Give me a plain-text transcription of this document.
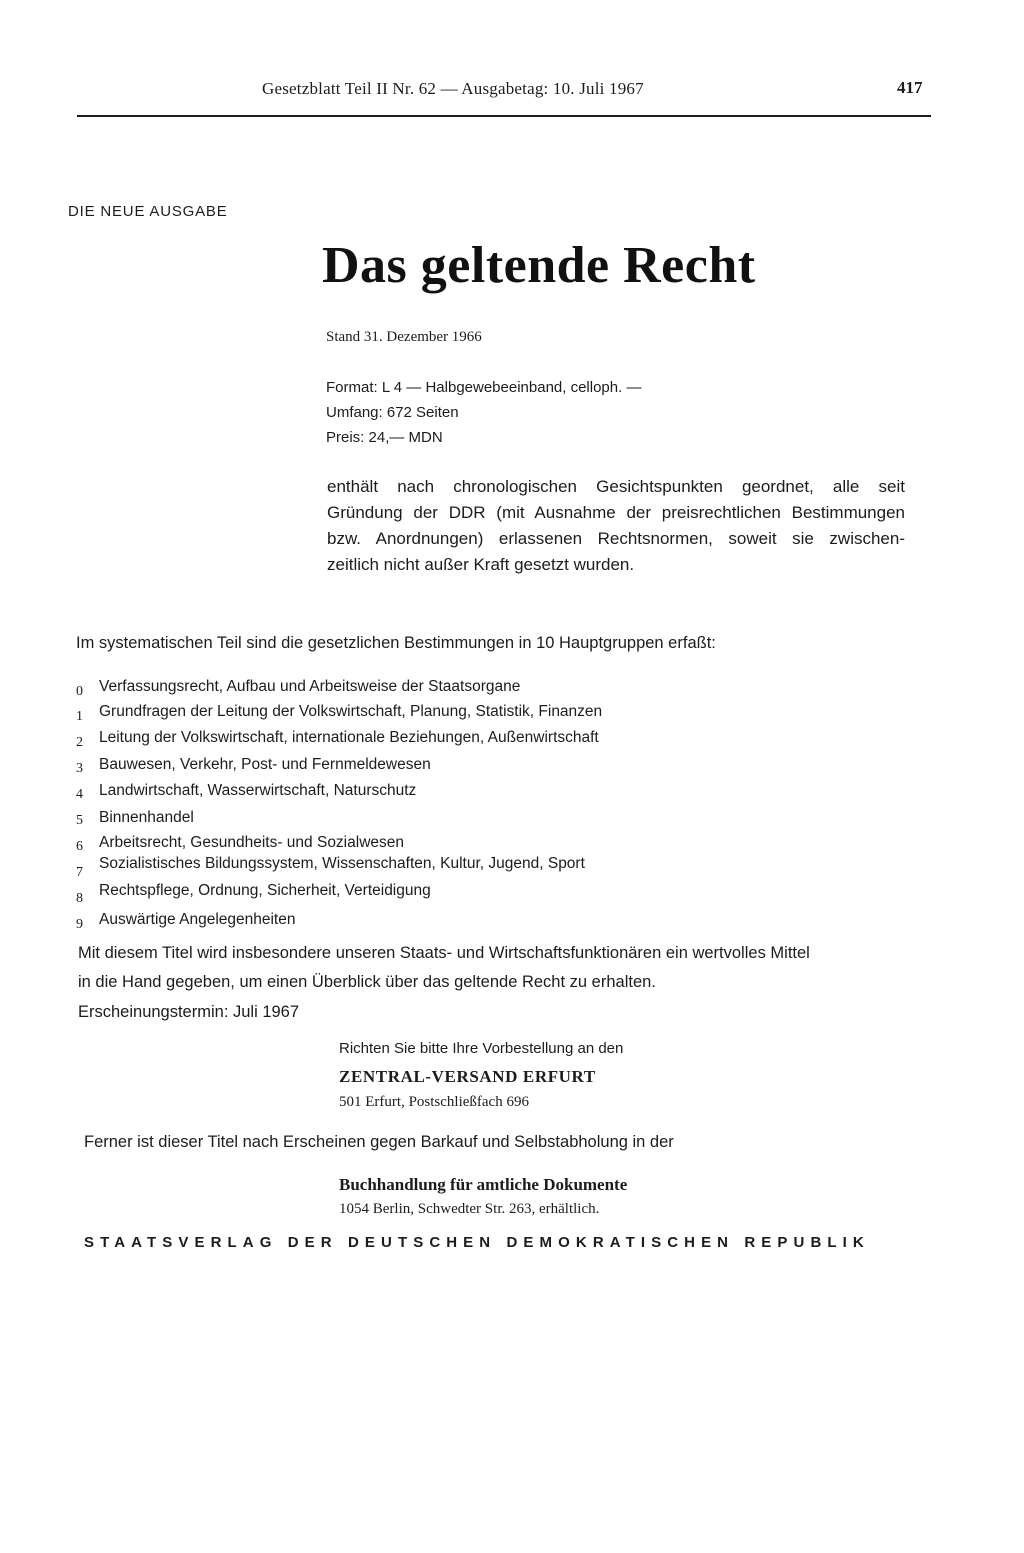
Gesetzblatt Teil II Nr. 62 — Ausgabetag: 10. Juli 1967	417
DIE NEUE AUSGABE
Das geltende Recht
Stand 31. Dezember 1966
Format: L 4 — Halbgewebeeinband, celloph. —
Umfang: 672 Seiten
Preis: 24,— MDN
enthält nach chronologischen Gesichtspunkten geordnet, alle seit
Gründung der DDR (mit Ausnahme der preisrechtlichen Bestimmungen
bzw. Anordnungen) erlassenen Rechtsnormen, soweit sie zwischen-
zeitlich nicht außer Kraft gesetzt wurden.
Im systematischen Teil sind die gesetzlichen Bestimmungen in 10 Hauptgruppen erfaßt:
0 Verfassungsrecht, Aufbau und Arbeitsweise der Staatsorgane
1 Grundfragen der Leitung der Volkswirtschaft, Planung, Statistik, Finanzen
2 Leitung der Volkswirtschaft, internationale Beziehungen, Außenwirtschaft
3 Bauwesen, Verkehr, Post- und Fernmeldewesen
4 Landwirtschaft, Wasserwirtschaft, Naturschutz
5 Binnenhandel
6 Arbeitsrecht, Gesundheits- und Sozialwesen
7
Sozialistisches Bildungssystem, Wissenschaften, Kultur, Jugend, Sport
8 Rechtspflege, Ordnung, Sicherheit, Verteidigung
9 Auswärtige Angelegenheiten
Mit diesem Titel wird insbesondere unseren Staats- und Wirtschaftsfunktionären ein wertvolles Mittel
in die Hand gegeben, um einen Überblick über das geltende Recht zu erhalten.
Erscheinungstermin: Juli 1967
Richten Sie bitte Ihre Vorbestellung an den
ZENTRAL-VERSAND ERFURT
501 Erfurt, Postschließfach 696
Ferner ist dieser Titel nach Erscheinen gegen Barkauf und Selbstabholung in der
Buchhandlung für amtliche Dokumente
1054 Berlin, Schwedter Str. 263, erhältlich.
STAATSVERLAG DER DEUTSCHEN DEMOKRATISCHEN REPUBLIK
